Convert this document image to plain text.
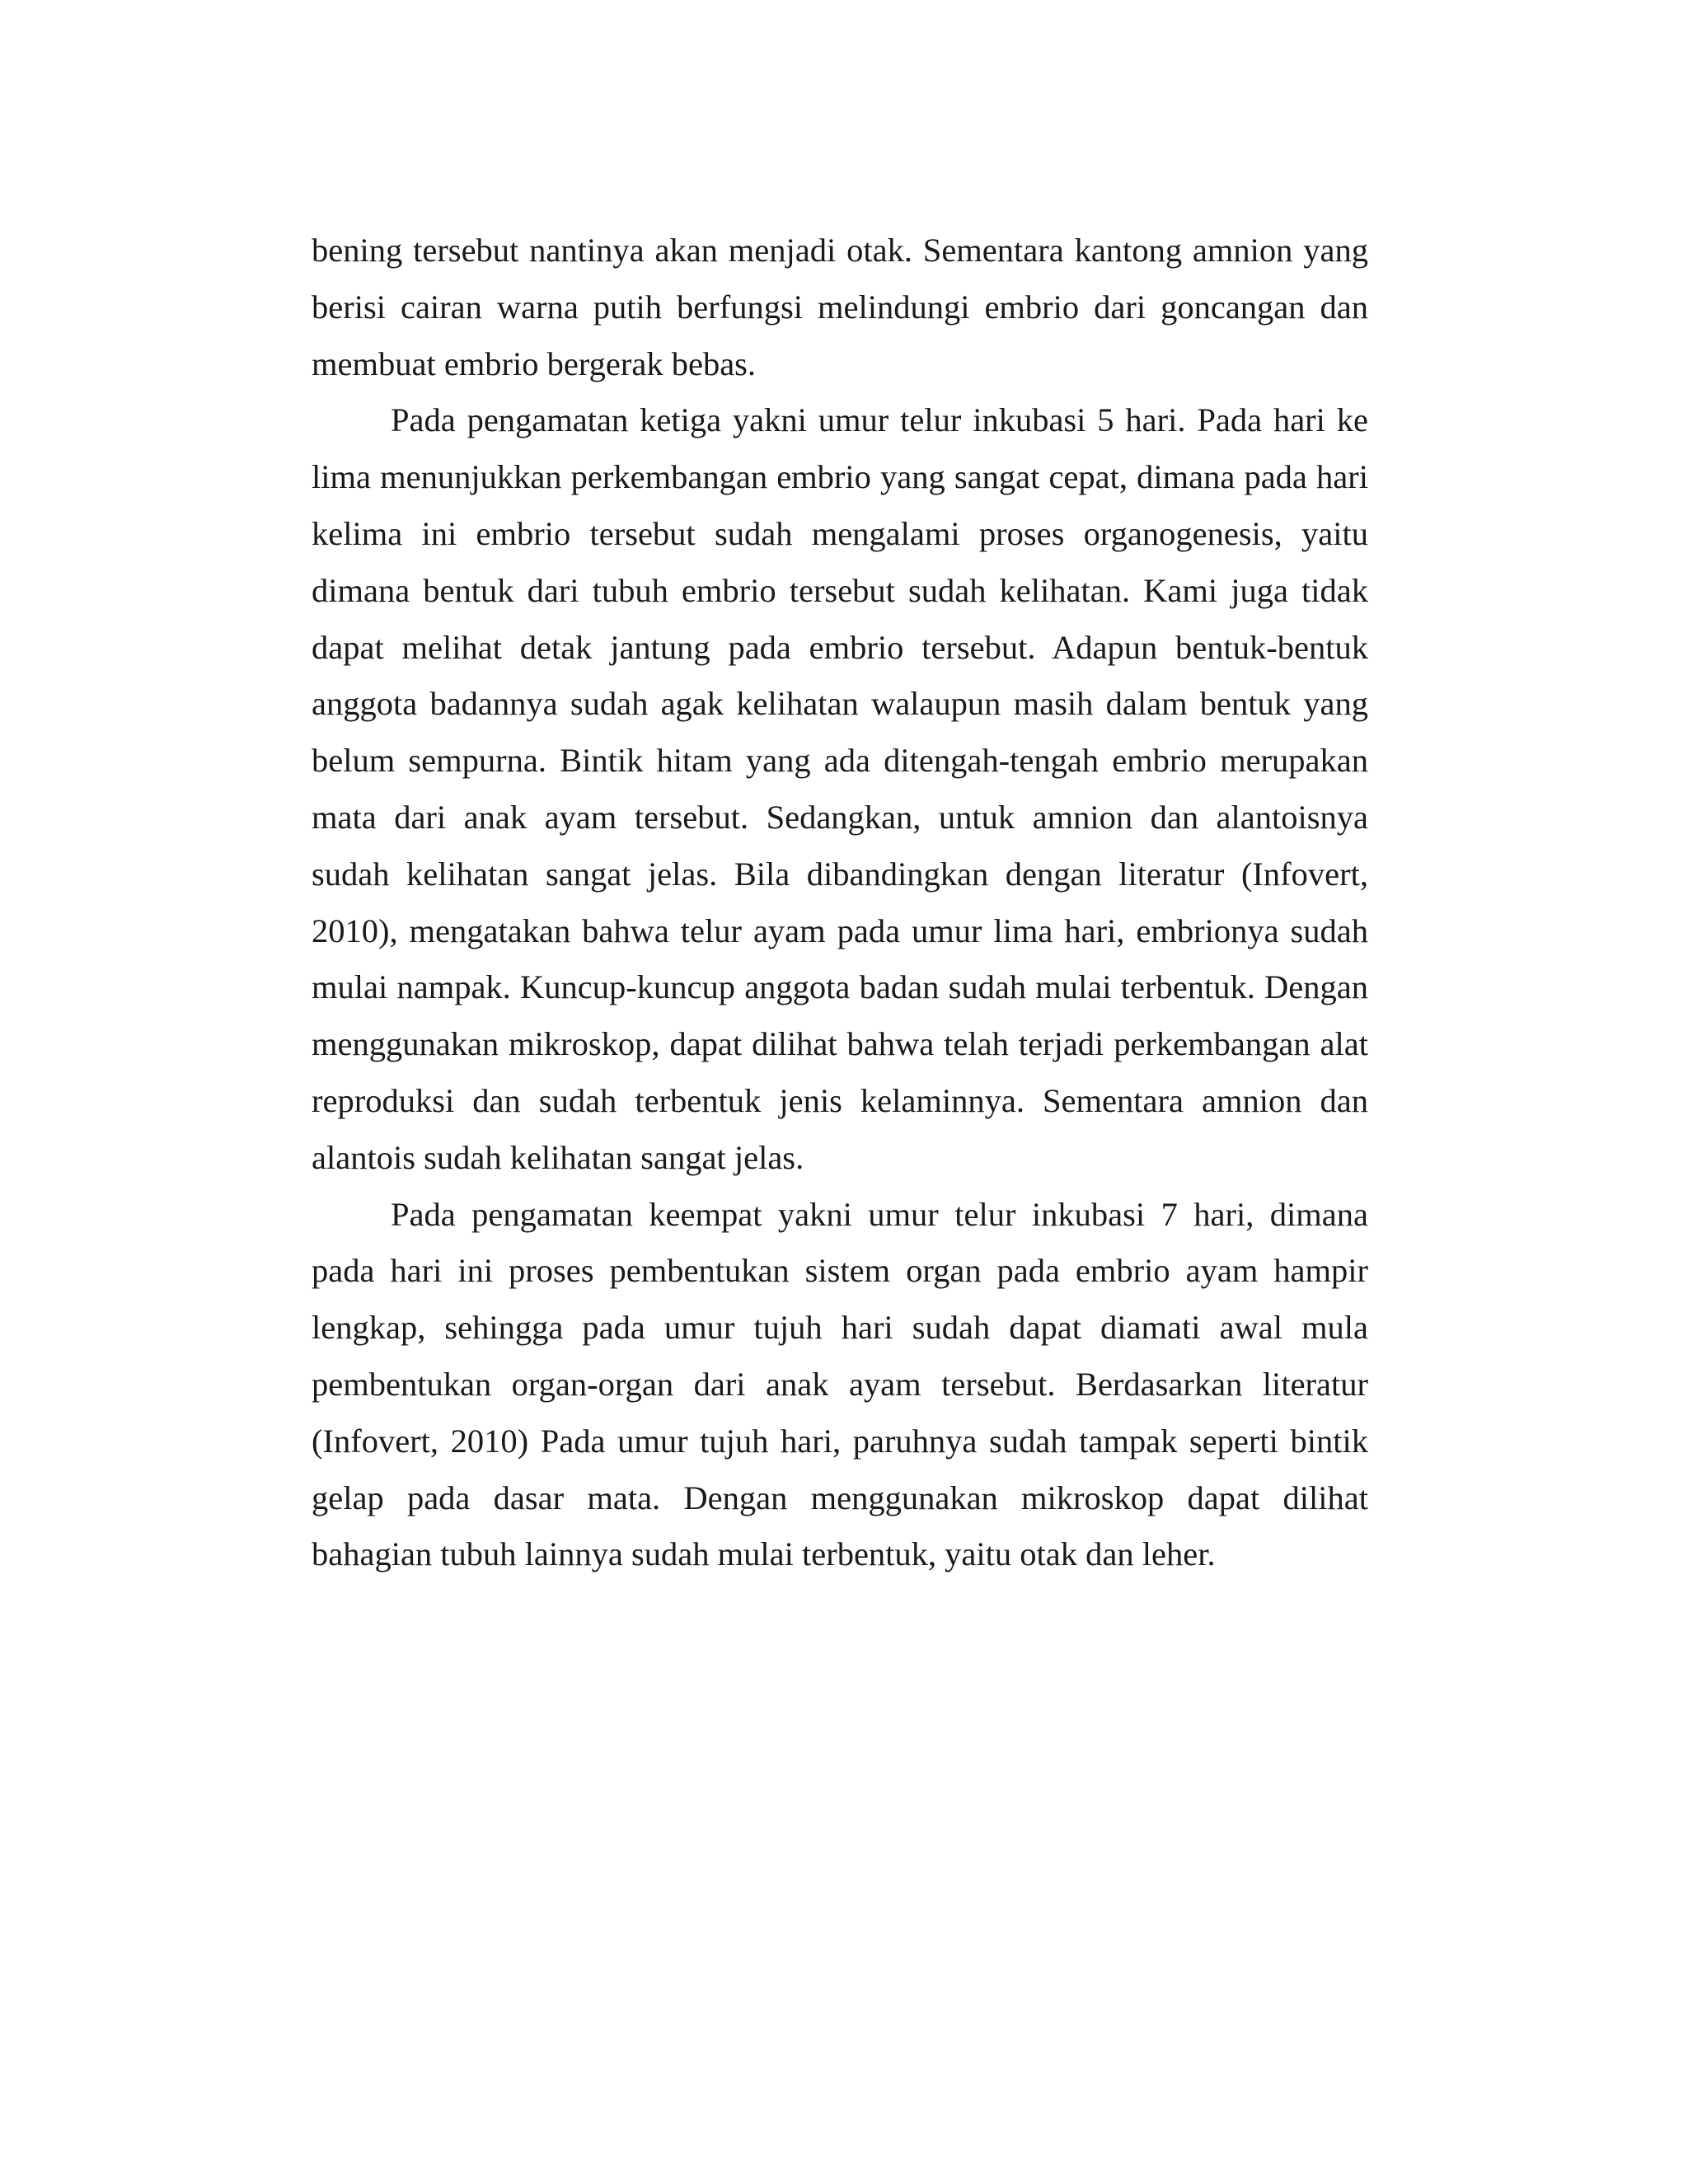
bening tersebut nantinya akan menjadi otak. Sementara kantong amnion yang berisi cairan warna putih berfungsi melindungi embrio dari goncangan dan membuat embrio bergerak bebas.

Pada pengamatan ketiga yakni umur telur inkubasi 5 hari. Pada hari ke lima menunjukkan perkembangan embrio yang sangat cepat, dimana pada hari kelima ini embrio tersebut sudah mengalami proses organogenesis, yaitu dimana bentuk dari tubuh embrio tersebut sudah kelihatan. Kami juga tidak dapat melihat detak jantung pada embrio tersebut. Adapun bentuk-bentuk anggota badannya sudah agak kelihatan walaupun masih dalam bentuk yang belum sempurna. Bintik hitam yang ada ditengah-tengah embrio merupakan mata dari anak ayam tersebut. Sedangkan, untuk amnion dan alantoisnya sudah kelihatan sangat jelas. Bila dibandingkan dengan literatur (Infovert, 2010), mengatakan bahwa telur ayam pada umur lima hari, embrionya sudah mulai nampak. Kuncup-kuncup anggota badan sudah mulai terbentuk. Dengan menggunakan mikroskop, dapat dilihat bahwa telah terjadi perkembangan alat reproduksi dan sudah terbentuk jenis kelaminnya. Sementara amnion dan alantois sudah kelihatan sangat jelas.

Pada pengamatan keempat yakni umur telur inkubasi 7 hari, dimana pada hari ini proses pembentukan sistem organ pada embrio ayam hampir lengkap, sehingga pada umur tujuh hari sudah dapat diamati awal mula pembentukan organ-organ dari anak ayam tersebut. Berdasarkan literatur (Infovert, 2010) Pada umur tujuh hari, paruhnya sudah tampak seperti bintik gelap pada dasar mata. Dengan menggunakan mikroskop dapat dilihat bahagian tubuh lainnya sudah mulai terbentuk, yaitu otak dan leher.
